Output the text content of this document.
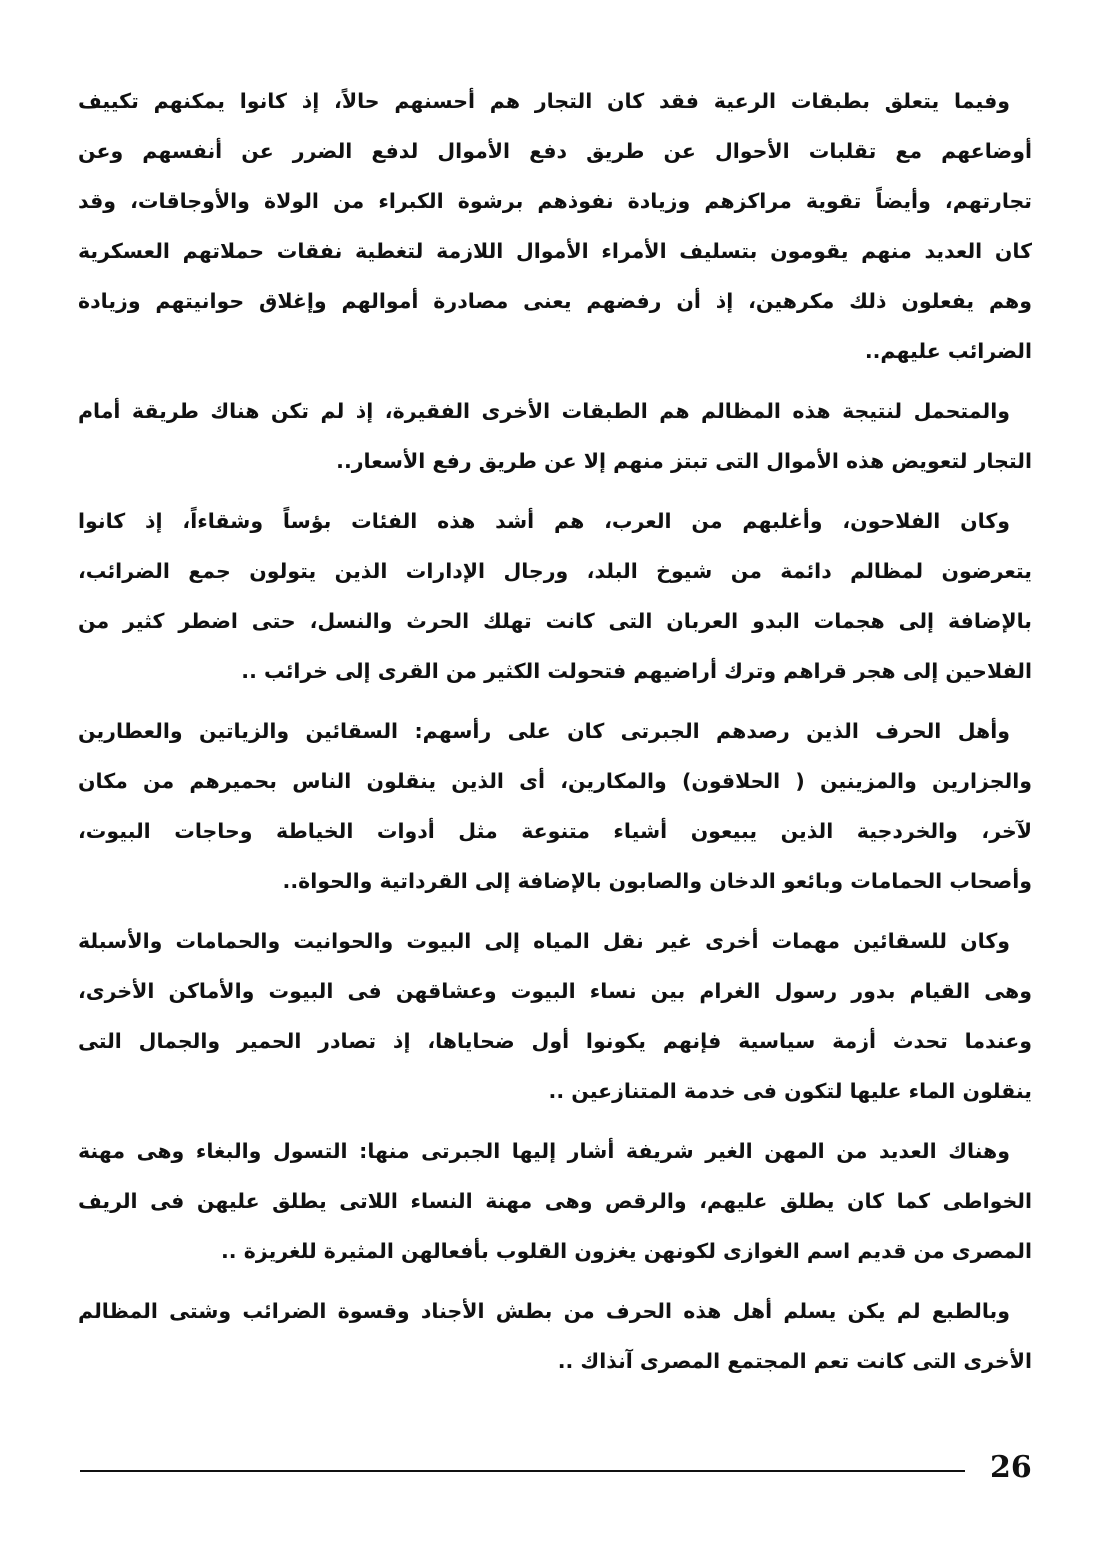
وفيما يتعلق بطبقات الرعية فقد كان التجار هم أحسنهم حالاً، إذ كانوا يمكنهم تكييف
أوضاعهم مع تقلبات الأحوال عن طريق دفع الأموال لدفع الضرر عن أنفسهم وعن
تجارتهم، وأيضاً تقوية مراكزهم وزيادة نفوذهم برشوة الكبراء من الولاة والأوجاقات، وقد
كان العديد منهم يقومون بتسليف الأمراء الأموال اللازمة لتغطية نفقات حملاتهم العسكرية
وهم يفعلون ذلك مكرهين، إذ أن رفضهم يعنى مصادرة أموالهم وإغلاق حوانيتهم وزيادة
الضرائب عليهم..
والمتحمل لنتيجة هذه المظالم هم الطبقات الأخرى الفقيرة، إذ لم تكن هناك طريقة أمام
التجار لتعويض هذه الأموال التى تبتز منهم إلا عن طريق رفع الأسعار..
وكان الفلاحون، وأغلبهم من العرب، هم أشد هذه الفئات بؤساً وشقاءاً، إذ كانوا
يتعرضون لمظالم دائمة من شيوخ البلد، ورجال الإدارات الذين يتولون جمع الضرائب،
بالإضافة إلى هجمات البدو العربان التى كانت تهلك الحرث والنسل، حتى اضطر كثير من
الفلاحين إلى هجر قراهم وترك أراضيهم فتحولت الكثير من القرى إلى خرائب ..
وأهل الحرف الذين رصدهم الجبرتى كان على رأسهم: السقائين والزياتين والعطارين
والجزارين والمزينين ( الحلاقون) والمكارين، أى الذين ينقلون الناس بحميرهم من مكان
لآخر، والخردجية الذين يبيعون أشياء متنوعة مثل أدوات الخياطة وحاجات البيوت،
وأصحاب الحمامات وبائعو الدخان والصابون بالإضافة إلى القرداتية والحواة..
وكان للسقائين مهمات أخرى غير نقل المياه إلى البيوت والحوانيت والحمامات والأسبلة
وهى القيام بدور رسول الغرام بين نساء البيوت وعشاقهن فى البيوت والأماكن الأخرى،
وعندما تحدث أزمة سياسية فإنهم يكونوا أول ضحاياها، إذ تصادر الحمير والجمال التى
ينقلون الماء عليها لتكون فى خدمة المتنازعين ..
وهناك العديد من المهن الغير شريفة أشار إليها الجبرتى منها: التسول والبغاء وهى مهنة
الخواطى كما كان يطلق عليهم، والرقص وهى مهنة النساء اللاتى يطلق عليهن فى الريف
المصرى من قديم اسم الغوازى لكونهن يغزون القلوب بأفعالهن المثيرة للغريزة ..
وبالطبع لم يكن يسلم أهل هذه الحرف من بطش الأجناد وقسوة الضرائب وشتى المظالم
الأخرى التى كانت تعم المجتمع المصرى آنذاك ..
26
